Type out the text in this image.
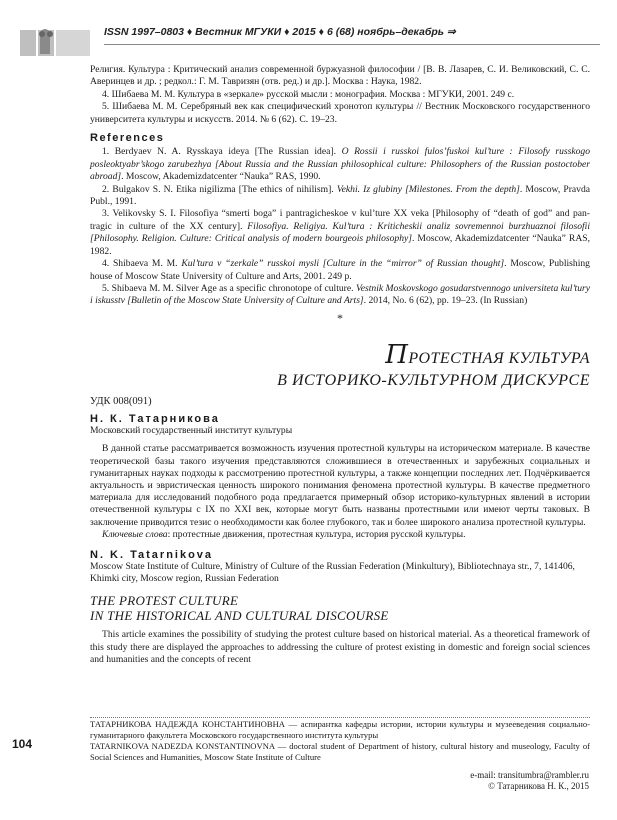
ISSN 1997–0803 ♦ Вестник МГУКИ ♦ 2015 ♦ 6 (68) ноябрь–декабрь ⇒

Религия. Культура : Критический анализ современной буржуазной философии / [В. В. Лазарев, С. И. Великовский, С. С. Аверинцев и др. ; редкол.: Г. М. Тавризян (отв. ред.) и др.]. Москва : Наука, 1982.

4. Шибаева М. М. Культура в «зеркале» русской мысли : монография. Москва : МГУКИ, 2001. 249 с.

5. Шибаева М. М. Серебряный век как специфический хронотоп культуры // Вестник Московского государственного университета культуры и искусств. 2014. № 6 (62). С. 19–23.

References

1. Berdyaev N. A. Rysskaya ideya [The Russian idea]. O Rossii i russkoi fulos’fuskoi kul’ture : Filosofy russkogo posleoktyabr’skogo zarubezhya [About Russia and the Russian philosophical culture: Philosophers of the Russian postoctober abroad]. Moscow, Akademizdatcenter “Nauka” RAS, 1990.

2. Bulgakov S. N. Etika nigilizma [The ethics of nihilism]. Vekhi. Iz glubiny [Milestones. From the depth]. Moscow, Pravda Publ., 1991.

3. Velikovsky S. I. Filosofiya “smerti boga” i pantragicheskoe v kul’ture XX veka [Philosophy of “death of god” and pan-tragic in culture of the XX century]. Filosofiya. Religiya. Kul’tura : Kriticheskii analiz sovremennoi burzhuaznoi filosofii [Philosophy. Religion. Culture: Critical analysis of modern bourgeois philosophy]. Moscow, Akademizdatcenter “Nauka” RAS, 1982.

4. Shibaeva M. M. Kul’tura v “zerkale” russkoi mysli [Culture in the “mirror” of Russian thought]. Moscow, Publishing house of Moscow State University of Culture and Arts, 2001. 249 p.

5. Shibaeva M. M. Silver Age as a specific chronotope of culture. Vestnik Moskovskogo gosudarstvennogo universiteta kul’tury i iskusstv [Bulletin of the Moscow State University of Culture and Arts]. 2014, No. 6 (62), pp. 19–23. (In Russian)

*
ПРОТЕСТНАЯ КУЛЬТУРА
В ИСТОРИКО-КУЛЬТУРНОМ ДИСКУРСЕ
УДК 008(091)
Н. К. Татарникова
Московский государственный институт культуры

В данной статье рассматривается возможность изучения протестной культуры на историческом материале. В качестве теоретической базы такого изучения представляются сложившиеся в отечественных и зарубежных социальных и гуманитарных науках подходы к рассмотрению протестной культуры, а также концепции последних лет. Подчёркивается актуальность и эвристическая ценность широкого понимания феномена протестной культуры. В качестве предметного материала для исследований подобного рода предлагается примерный обзор историко-культурных явлений в истории отечественной культуры с IX по XXI век, которые могут быть названы протестными или имеют черты таковых. В заключение приводится тезис о необходимости как более глубокого, так и более широкого анализа протестной культуры.
Ключевые слова: протестные движения, протестная культура, история русской культуры.

N. K. Tatarnikova
Moscow State Institute of Culture, Ministry of Culture of the Russian Federation (Minkultury), Bibliotechnaya str., 7, 141406, Khimki city, Moscow region, Russian Federation
THE PROTEST CULTURE
IN THE HISTORICAL AND CULTURAL DISCOURSE

This article examines the possibility of studying the protest culture based on historical material. As a theoretical framework of this study there are displayed the approaches to addressing the culture of protest existing in domestic and foreign social sciences and humanities and the concepts of recent

ТАТАРНИКОВА НАДЕЖДА КОНСТАНТИНОВНА — аспирантка кафедры истории, истории культуры и музееведения социально-гуманитарного факультета Московского государственного института культуры
TATARNIKOVA NADEZDA KONSTANTINOVNA — doctoral student of Department of history, cultural history and museology, Faculty of Social Sciences and Humanities, Moscow State Institute of Culture
104
e-mail: transitumbra@rambler.ru
© Татарникова Н. К., 2015
